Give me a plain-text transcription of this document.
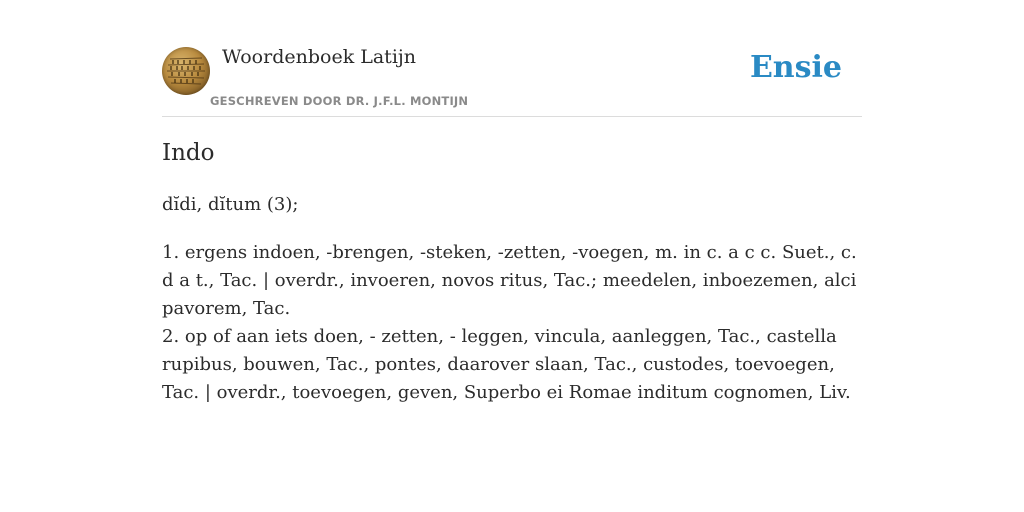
Woordenboek Latijn
GESCHREVEN DOOR DR. J.F.L. MONTIJN
Ensie
Indo
dĭdi, dĭtum (3);
1. ergens indoen, -brengen, -steken, -zetten, -voegen, m. in c. a c c. Suet., c. d a t., Tac. | overdr., invoeren, novos ritus, Tac.; meedelen, inboezemen, alci pavorem, Tac.
2. op of aan iets doen, - zetten, - leggen, vincula, aanleggen, Tac., castella rupibus, bouwen, Tac., pontes, daarover slaan, Tac., custodes, toevoegen, Tac. | overdr., toevoegen, geven, Superbo ei Romae inditum cognomen, Liv.
